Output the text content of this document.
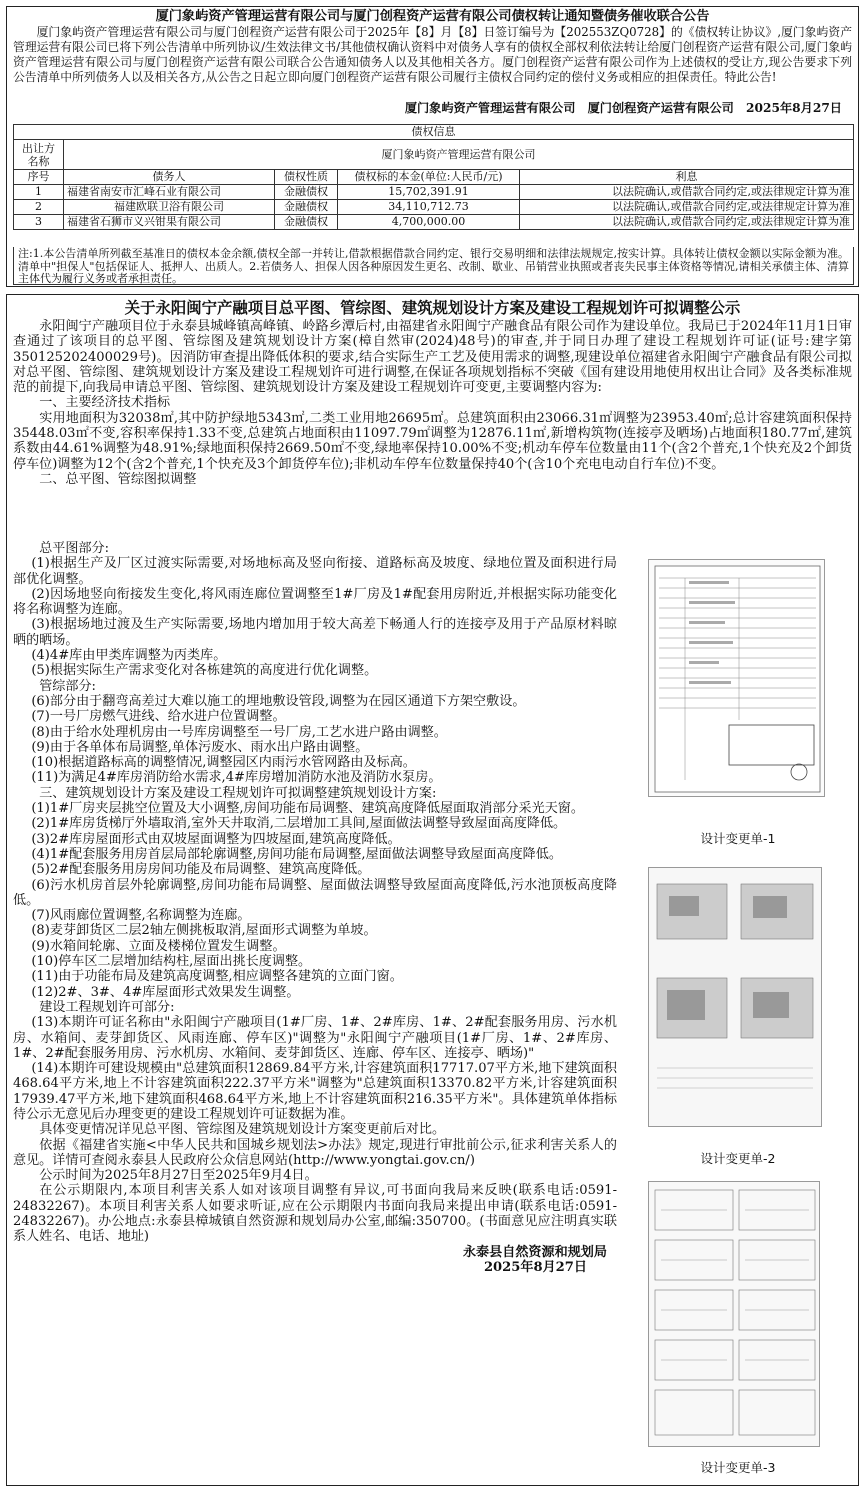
厦门象屿资产管理运营有限公司与厦门创程资产运营有限公司债权转让通知暨债务催收联合公告
厦门象屿资产管理运营有限公司与厦门创程资产运营有限公司于2025年【8】月【8】日签订编号为【202553ZQ0728】的《债权转让协议》,厦门象屿资产管理运营有限公司已将下列公告清单中所列协议/生效法律文书/其他债权确认资料中对债务人享有的债权全部权利依法转让给厦门创程资产运营有限公司,厦门象屿资产管理运营有限公司与厦门创程资产运营有限公司联合公告通知债务人以及其他相关各方。厦门创程资产运营有限公司作为上述债权的受让方,现公告要求下列公告清单中所列债务人以及相关各方,从公告之日起立即向厦门创程资产运营有限公司履行主债权合同约定的偿付义务或相应的担保责任。特此公告!
厦门象屿资产管理运营有限公司　厦门创程资产运营有限公司　2025年8月27日
债权信息				
出让方名称	厦门象屿资产管理运营有限公司			
序号	债务人	债权性质	债权标的本金(单位:人民币/元)	利息
1	福建省南安市汇峰石业有限公司	金融债权	15,702,391.91	以法院确认,或借款合同约定,或法律规定计算为准
2	福建欧联卫浴有限公司	金融债权	34,110,712.73	以法院确认,或借款合同约定,或法律规定计算为准
3	福建省石狮市义兴钳果有限公司	金融债权	4,700,000.00	以法院确认,或借款合同约定,或法律规定计算为准
注:1.本公告清单所列截至基准日的债权本金余额,债权全部一并转让,借款根据借款合同约定、银行交易明细和法律法规规定,按实计算。具体转让债权金额以实际金额为准。清单中"担保人"包括保证人、抵押人、出质人。2.若债务人、担保人因各种原因发生更名、改制、歇业、吊销营业执照或者丧失民事主体资格等情况,请相关承债主体、清算主体代为履行义务或者承担责任。
关于永阳闽宁产融项目总平图、管综图、建筑规划设计方案及建设工程规划许可拟调整公示

永阳闽宁产融项目位于永泰县城峰镇高峰镇、岭路乡潭后村,由福建省永阳闽宁产融食品有限公司作为建设单位。我局已于2024年11月1日审查通过了该项目的总平图、管综图及建筑规划设计方案(樟自然审(2024)48号)的审查,并于同日办理了建设工程规划许可证(证号:建字第350125202400029号)。因消防审查提出降低体积的要求,结合实际生产工艺及使用需求的调整,现建设单位福建省永阳闽宁产融食品有限公司拟对总平图、管综图、建筑规划设计方案及建设工程规划许可进行调整,在保证各项规划指标不突破《国有建设用地使用权出让合同》及各类标准规范的前提下,向我局申请总平图、管综图、建筑规划设计方案及建设工程规划许可变更,主要调整内容为:

一、主要经济技术指标

实用地面积为32038㎡,其中防护绿地5343㎡,二类工业用地26695㎡。总建筑面积由23066.31㎡调整为23953.40㎡;总计容建筑面积保持35448.03㎡不变,容积率保持1.33不变,总建筑占地面积由11097.79㎡调整为12876.11㎡,新增构筑物(连接亭及晒场)占地面积180.77㎡,建筑系数由44.61%调整为48.91%;绿地面积保持2669.50㎡不变,绿地率保持10.00%不变;机动车停车位数量由11个(含2个普充,1个快充及2个卸货停车位)调整为12个(含2个普充,1个快充及3个卸货停车位);非机动车停车位数量保持40个(含10个充电电动自行车位)不变。

二、总平图、管综图拟调整

总平图部分:

(1)根据生产及厂区过渡实际需要,对场地标高及竖向衔接、道路标高及坡度、绿地位置及面积进行局部优化调整。

(2)因场地竖向衔接发生变化,将风雨连廊位置调整至1#厂房及1#配套用房附近,并根据实际功能变化将名称调整为连廊。

(3)根据场地过渡及生产实际需要,场地内增加用于较大高差下畅通人行的连接亭及用于产品原材料晾晒的晒场。

(4)4#库由甲类库调整为丙类库。

(5)根据实际生产需求变化对各栋建筑的高度进行优化调整。

管综部分:

(6)部分由于翻弯高差过大难以施工的埋地敷设管段,调整为在园区通道下方架空敷设。

(7)一号厂房燃气进线、给水进户位置调整。

(8)由于给水处理机房由一号库房调整至一号厂房,工艺水进户路由调整。

(9)由于各单体布局调整,单体污废水、雨水出户路由调整。

(10)根据道路标高的调整情况,调整园区内雨污水管网路由及标高。

(11)为满足4#库房消防给水需求,4#库房增加消防水池及消防水泵房。

三、建筑规划设计方案及建设工程规划许可拟调整建筑规划设计方案:

(1)1#厂房夹层挑空位置及大小调整,房间功能布局调整、建筑高度降低屋面取消部分采光天窗。

(2)1#库房货梯厅外墙取消,室外天井取消,二层增加工具间,屋面做法调整导致屋面高度降低。

(3)2#库房屋面形式由双坡屋面调整为四坡屋面,建筑高度降低。

(4)1#配套服务用房首层局部轮廓调整,房间功能布局调整,屋面做法调整导致屋面高度降低。

(5)2#配套服务用房房间功能及布局调整、建筑高度降低。

(6)污水机房首层外轮廓调整,房间功能布局调整、屋面做法调整导致屋面高度降低,污水池顶板高度降低。

(7)风雨廊位置调整,名称调整为连廊。

(8)麦芽卸货区二层2轴左侧挑板取消,屋面形式调整为单坡。

(9)水箱间轮廓、立面及楼梯位置发生调整。

(10)停车区二层增加结构柱,屋面出挑长度调整。

(11)由于功能布局及建筑高度调整,相应调整各建筑的立面门窗。

(12)2#、3#、4#库屋面形式效果发生调整。

建设工程规划许可部分:

(13)本期许可证名称由"永阳闽宁产融项目(1#厂房、1#、2#库房、1#、2#配套服务用房、污水机房、水箱间、麦芽卸货区、风雨连廊、停车区)"调整为"永阳闽宁产融项目(1#厂房、1#、2#库房、1#、2#配套服务用房、污水机房、水箱间、麦芽卸货区、连廊、停车区、连接亭、晒场)"

(14)本期许可建设规模由"总建筑面积12869.84平方米,计容建筑面积17717.07平方米,地下建筑面积468.64平方米,地上不计容建筑面积222.37平方米"调整为"总建筑面积13370.82平方米,计容建筑面积17939.47平方米,地下建筑面积468.64平方米,地上不计容建筑面积216.35平方米"。具体建筑单体指标待公示无意见后办理变更的建设工程规划许可证数据为准。

具体变更情况详见总平图、管综图及建筑规划设计方案变更前后对比。

依据《福建省实施<中华人民共和国城乡规划法>办法》规定,现进行审批前公示,征求利害关系人的意见。详情可查阅永泰县人民政府公众信息网站(http://www.yongtai.gov.cn/)

公示时间为2025年8月27日至2025年9月4日。

在公示期限内,本项目利害关系人如对该项目调整有异议,可书面向我局来反映(联系电话:0591-24832267)。本项目利害关系人如要求听证,应在公示期限内书面向我局来提出申请(联系电话:0591-24832267)。办公地点:永泰县樟城镇自然资源和规划局办公室,邮编:350700。(书面意见应注明真实联系人姓名、电话、地址)

永泰县自然资源和规划局
2025年8月27日
设计变更单-1
设计变更单-2
设计变更单-3
